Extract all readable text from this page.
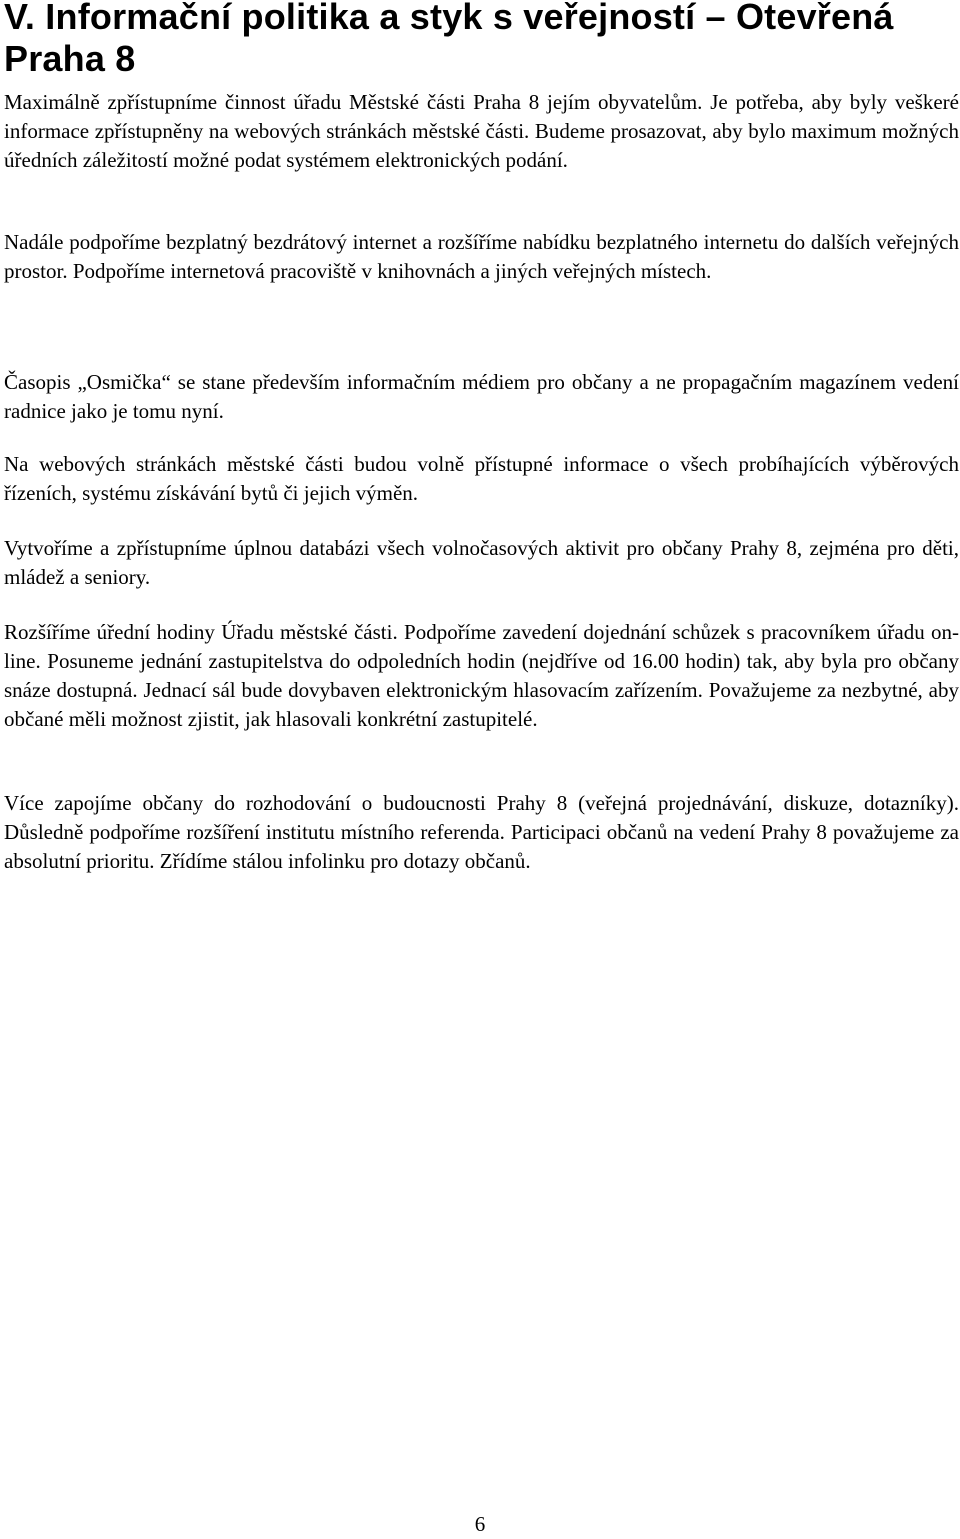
V. Informační politika a styk s veřejností – Otevřená Praha 8

Maximálně zpřístupníme činnost úřadu Městské části Praha 8 jejím obyvatelům. Je potřeba, aby byly veškeré informace zpřístupněny na webových stránkách městské části. Budeme prosazovat, aby bylo maximum možných úředních záležitostí možné podat systémem elektronických podání.

Nadále podpoříme bezplatný bezdrátový internet a rozšíříme nabídku bezplatného internetu do dalších veřejných prostor. Podpoříme internetová pracoviště v knihovnách a jiných veřejných místech.

Časopis „Osmička“ se stane především informačním médiem pro občany a ne propagačním magazínem vedení radnice jako je tomu nyní.

Na webových stránkách městské části budou volně přístupné informace o všech probíhajících výběrových řízeních, systému získávání bytů či jejich výměn.

Vytvoříme a zpřístupníme úplnou databázi všech volnočasových aktivit pro občany Prahy 8, zejména pro děti, mládež a seniory.

Rozšíříme úřední hodiny Úřadu městské části. Podpoříme zavedení dojednání schůzek s pracovníkem úřadu on-line. Posuneme jednání zastupitelstva do odpoledních hodin (nejdříve od 16.00 hodin) tak, aby byla pro občany snáze dostupná. Jednací sál bude dovybaven elektronickým hlasovacím zařízením. Považujeme za nezbytné, aby občané měli možnost zjistit, jak hlasovali konkrétní zastupitelé.

Více zapojíme občany do rozhodování o budoucnosti Prahy 8 (veřejná projednávání, diskuze, dotazníky). Důsledně podpoříme rozšíření institutu místního referenda. Participaci občanů na vedení Prahy 8 považujeme za absolutní prioritu. Zřídíme stálou infolinku pro dotazy občanů.

6
